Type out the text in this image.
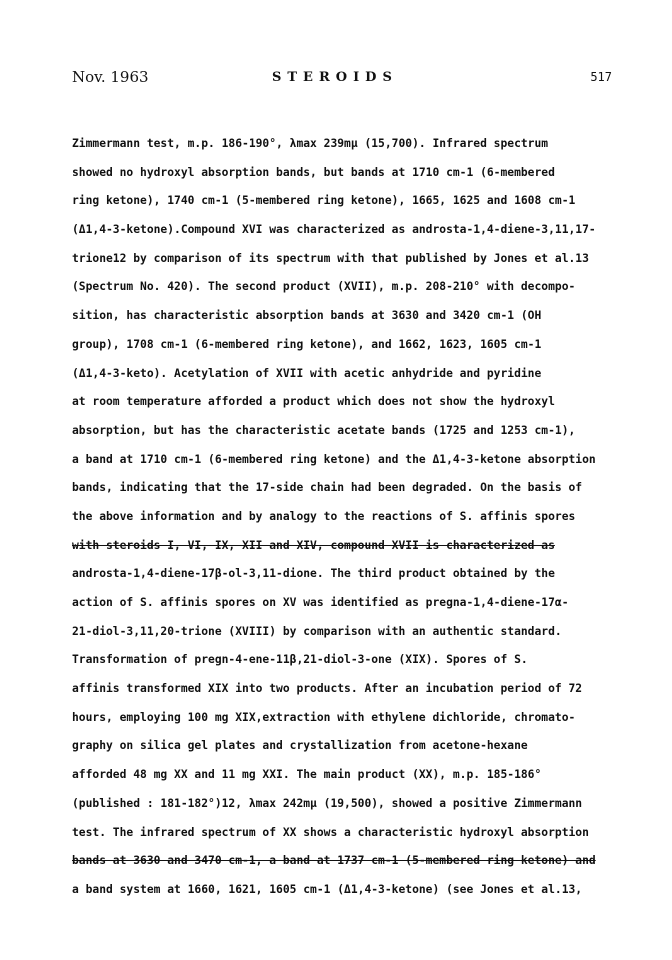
Nov. 1963	STEROIDS	517
Zimmermann test, m.p. 186-190°, λmax 239mμ (15,700). Infrared spectrum
showed no hydroxyl absorption bands, but bands at 1710 cm-1 (6-membered
ring ketone), 1740 cm-1 (5-membered ring ketone), 1665, 1625 and 1608 cm-1
(Δ1,4-3-ketone).Compound XVI was characterized as androsta-1,4-diene-3,11,17-
trione12 by comparison of its spectrum with that published by Jones et al.13
(Spectrum No. 420). The second product (XVII), m.p. 208-210° with decompo-
sition, has characteristic absorption bands at 3630 and 3420 cm-1 (OH
group), 1708 cm-1 (6-membered ring ketone), and 1662, 1623, 1605 cm-1
(Δ1,4-3-keto). Acetylation of XVII with acetic anhydride and pyridine
at room temperature afforded a product which does not show the hydroxyl
absorption, but has the characteristic acetate bands (1725 and 1253 cm-1),
a band at 1710 cm-1 (6-membered ring ketone) and the Δ1,4-3-ketone absorption
bands, indicating that the 17-side chain had been degraded. On the basis of
the above information and by analogy to the reactions of S. affinis spores
with steroids I, VI, IX, XII and XIV, compound XVII is characterized as
androsta-1,4-diene-17β-ol-3,11-dione. The third product obtained by the
action of S. affinis spores on XV was identified as pregna-1,4-diene-17α-
21-diol-3,11,20-trione (XVIII) by comparison with an authentic standard.
Transformation of pregn-4-ene-11β,21-diol-3-one (XIX). Spores of S.
affinis transformed XIX into two products. After an incubation period of 72
hours, employing 100 mg XIX,extraction with ethylene dichloride, chromato-
graphy on silica gel plates and crystallization from acetone-hexane
afforded 48 mg XX and 11 mg XXI. The main product (XX), m.p. 185-186°
(published : 181-182°)12, λmax 242mμ (19,500), showed a positive Zimmermann
test. The infrared spectrum of XX shows a characteristic hydroxyl absorption
bands at 3630 and 3470 cm-1, a band at 1737 cm-1 (5-membered ring ketone) and
a band system at 1660, 1621, 1605 cm-1 (Δ1,4-3-ketone) (see Jones et al.13,
